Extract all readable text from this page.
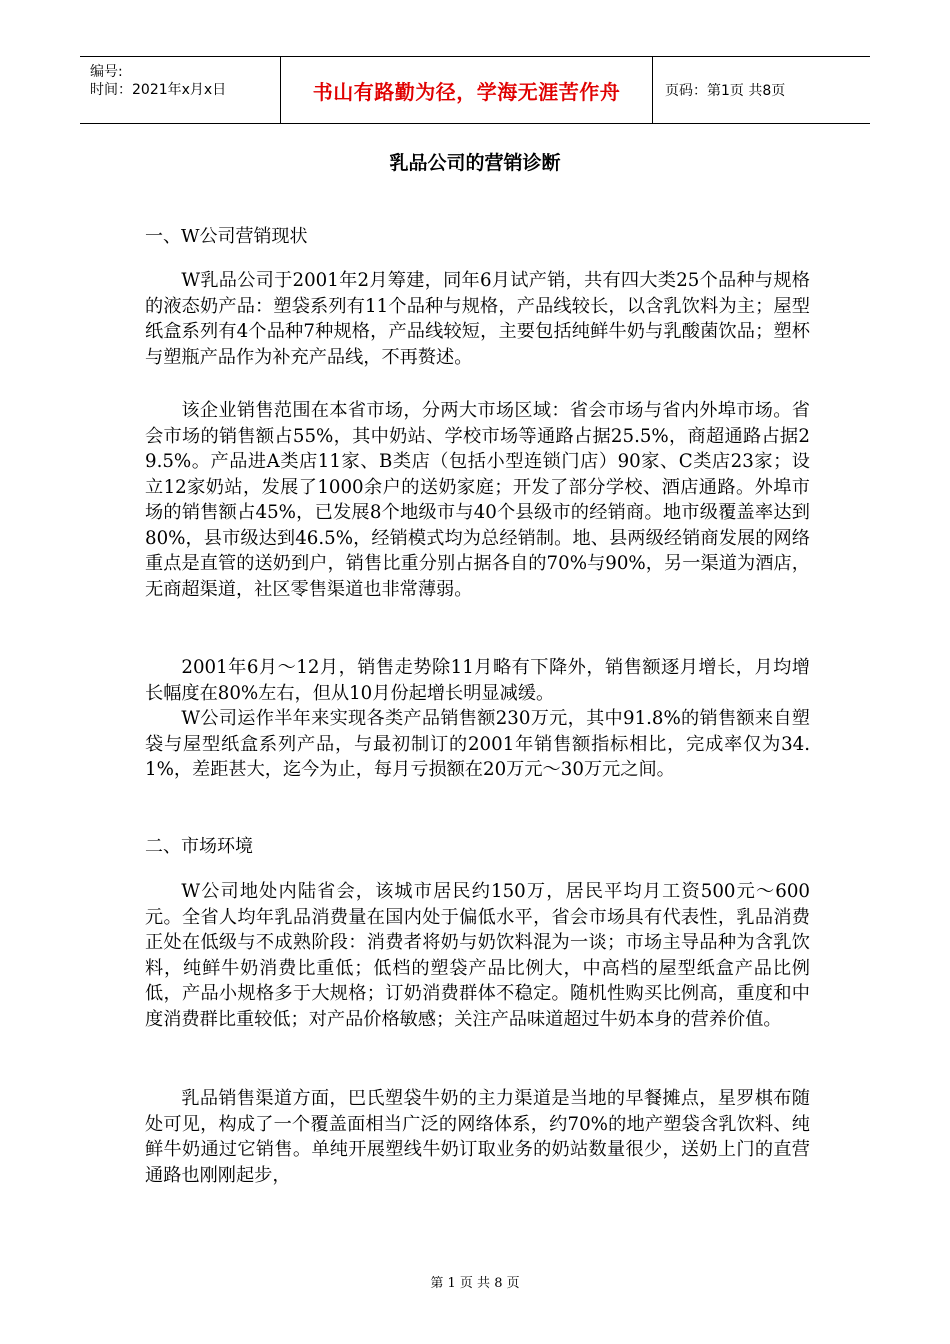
编号:
时间：2021年x月x日	书山有路勤为径，学海无涯苦作舟	页码：第1页 共8页
乳品公司的营销诊断
一、W公司营销现状

W乳品公司于2001年2月筹建，同年6月试产销，共有四大类25个品种与规格的液态奶产品：塑袋系列有11个品种与规格，产品线较长，以含乳饮料为主；屋型纸盒系列有4个品种7种规格，产品线较短，主要包括纯鲜牛奶与乳酸菌饮品；塑杯与塑瓶产品作为补充产品线，不再赘述。

该企业销售范围在本省市场，分两大市场区域：省会市场与省内外埠市场。省会市场的销售额占55%，其中奶站、学校市场等通路占据25.5%，商超通路占据29.5%。产品进A类店11家、B类店（包括小型连锁门店）90家、C类店23家；设立12家奶站，发展了1000余户的送奶家庭；开发了部分学校、酒店通路。外埠市场的销售额占45%，已发展8个地级市与40个县级市的经销商。地市级覆盖率达到80%，县市级达到46.5%，经销模式均为总经销制。地、县两级经销商发展的网络重点是直管的送奶到户，销售比重分别占据各自的70%与90%，另一渠道为酒店，无商超渠道，社区零售渠道也非常薄弱。

2001年6月～12月，销售走势除11月略有下降外，销售额逐月增长，月均增长幅度在80%左右，但从10月份起增长明显减缓。

W公司运作半年来实现各类产品销售额230万元，其中91.8%的销售额来自塑袋与屋型纸盒系列产品，与最初制订的2001年销售额指标相比，完成率仅为34.1%，差距甚大，迄今为止，每月亏损额在20万元～30万元之间。

二、市场环境

W公司地处内陆省会，该城市居民约150万，居民平均月工资500元～600元。全省人均年乳品消费量在国内处于偏低水平，省会市场具有代表性，乳品消费正处在低级与不成熟阶段：消费者将奶与奶饮料混为一谈；市场主导品种为含乳饮料，纯鲜牛奶消费比重低；低档的塑袋产品比例大，中高档的屋型纸盒产品比例低，产品小规格多于大规格；订奶消费群体不稳定。随机性购买比例高，重度和中度消费群比重较低；对产品价格敏感；关注产品味道超过牛奶本身的营养价值。

乳品销售渠道方面，巴氏塑袋牛奶的主力渠道是当地的早餐摊点，星罗棋布随处可见，构成了一个覆盖面相当广泛的网络体系，约70%的地产塑袋含乳饮料、纯鲜牛奶通过它销售。单纯开展塑线牛奶订取业务的奶站数量很少，送奶上门的直营通路也刚刚起步，

第 1 页 共 8 页
